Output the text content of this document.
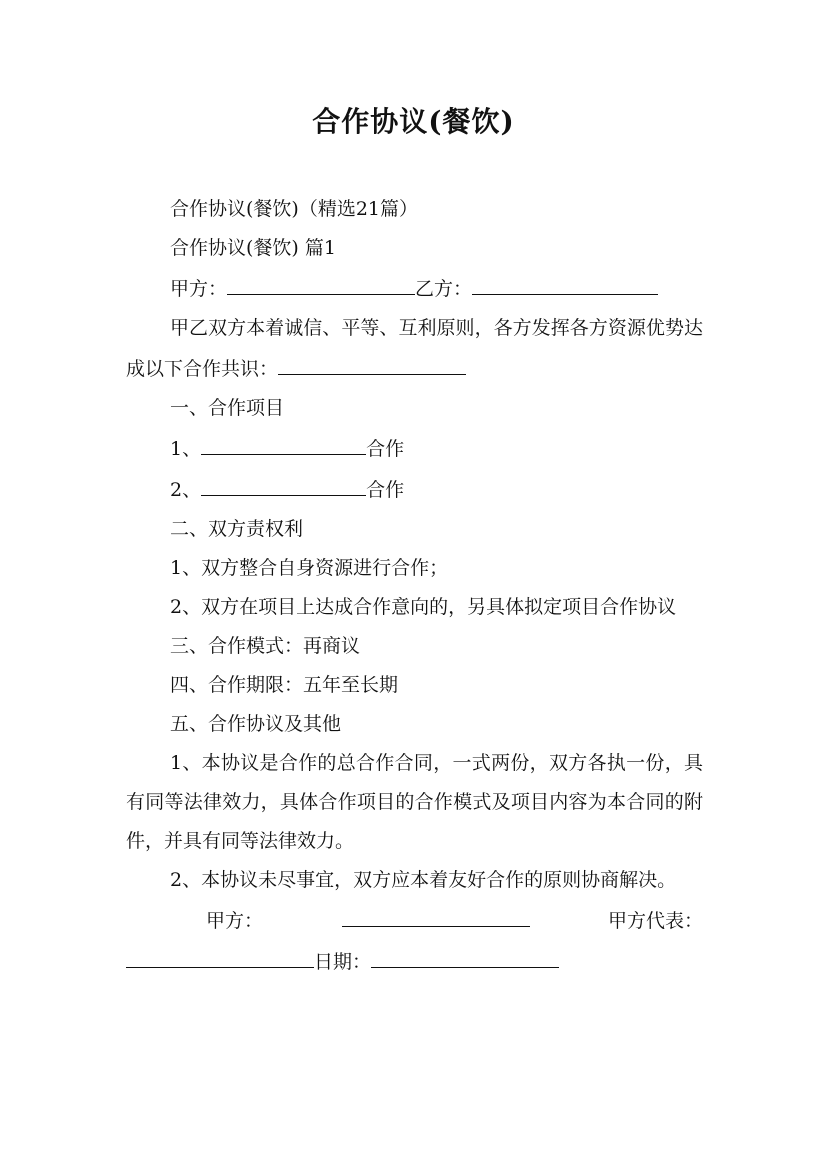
合作协议(餐饮)

合作协议(餐饮)（精选21篇）

合作协议(餐饮) 篇1

甲方：	乙方：

甲乙双方本着诚信、平等、互利原则，各方发挥各方资源优势达成以下合作共识：

一、合作项目

1、	合作

2、	合作

二、双方责权利

1、双方整合自身资源进行合作；

2、双方在项目上达成合作意向的，另具体拟定项目合作协议

三、合作模式：再商议

四、合作期限：五年至长期

五、合作协议及其他

1、本协议是合作的总合作合同，一式两份，双方各执一份，具有同等法律效力，具体合作项目的合作模式及项目内容为本合同的附件，并具有同等法律效力。

2、本协议未尽事宜，双方应本着友好合作的原则协商解决。

甲方：	甲方代表：

日期：
